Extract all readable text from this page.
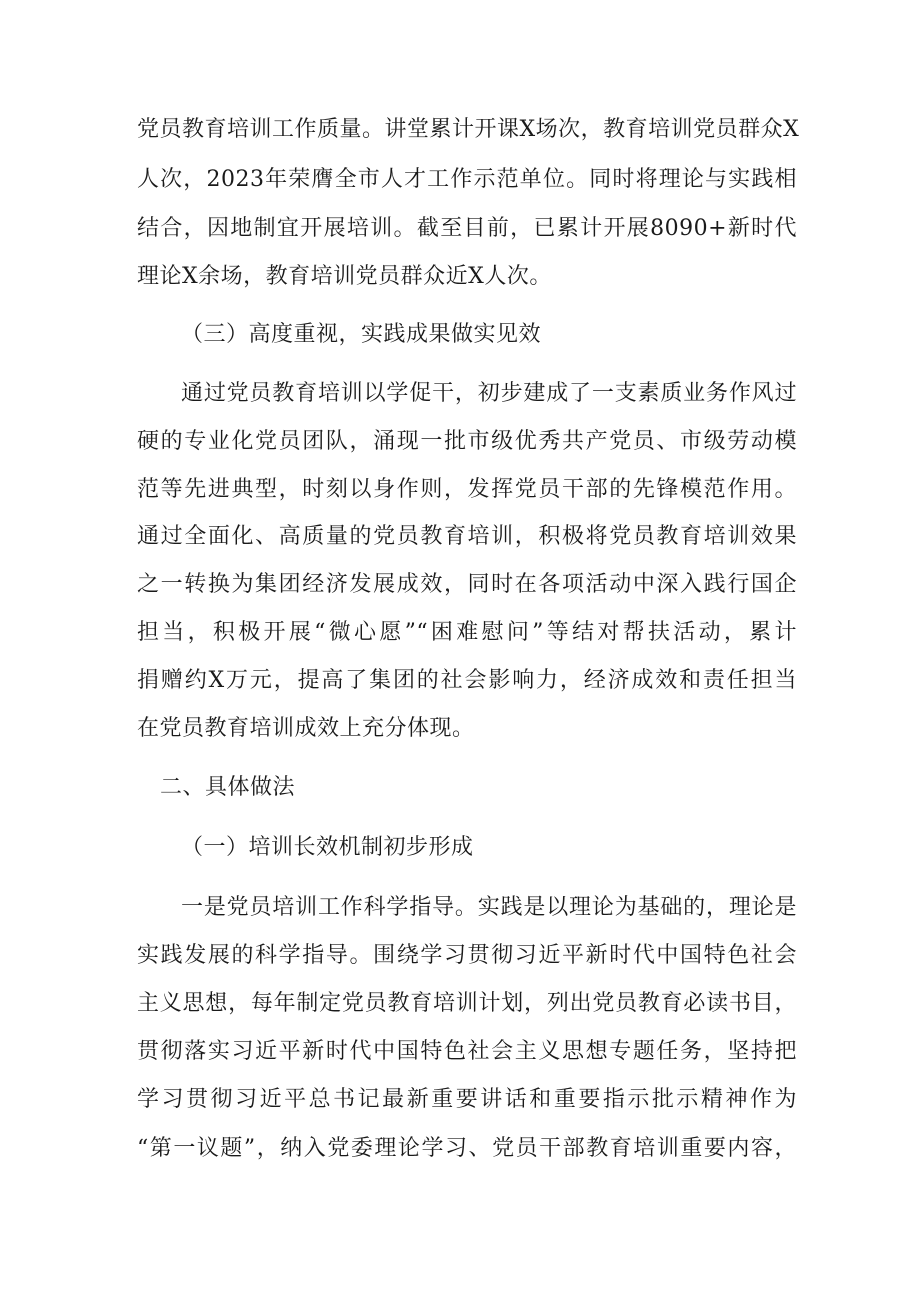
党员教育培训工作质量。讲堂累计开课X场次，教育培训党员群众X
人次，2023年荣膺全市人才工作示范单位。同时将理论与实践相
结合，因地制宜开展培训。截至目前，已累计开展8090+新时代
理论X余场，教育培训党员群众近X人次。
（三）高度重视，实践成果做实见效
通过党员教育培训以学促干，初步建成了一支素质业务作风过
硬的专业化党员团队，涌现一批市级优秀共产党员、市级劳动模
范等先进典型，时刻以身作则，发挥党员干部的先锋模范作用。
通过全面化、高质量的党员教育培训，积极将党员教育培训效果
之一转换为集团经济发展成效，同时在各项活动中深入践行国企
担当，积极开展“微心愿”“困难慰问”等结对帮扶活动，累计
捐赠约X万元，提高了集团的社会影响力，经济成效和责任担当
在党员教育培训成效上充分体现。
二、具体做法
（一）培训长效机制初步形成
一是党员培训工作科学指导。实践是以理论为基础的，理论是
实践发展的科学指导。围绕学习贯彻习近平新时代中国特色社会
主义思想，每年制定党员教育培训计划，列出党员教育必读书目，
贯彻落实习近平新时代中国特色社会主义思想专题任务，坚持把
学习贯彻习近平总书记最新重要讲话和重要指示批示精神作为
“第一议题”，纳入党委理论学习、党员干部教育培训重要内容，
